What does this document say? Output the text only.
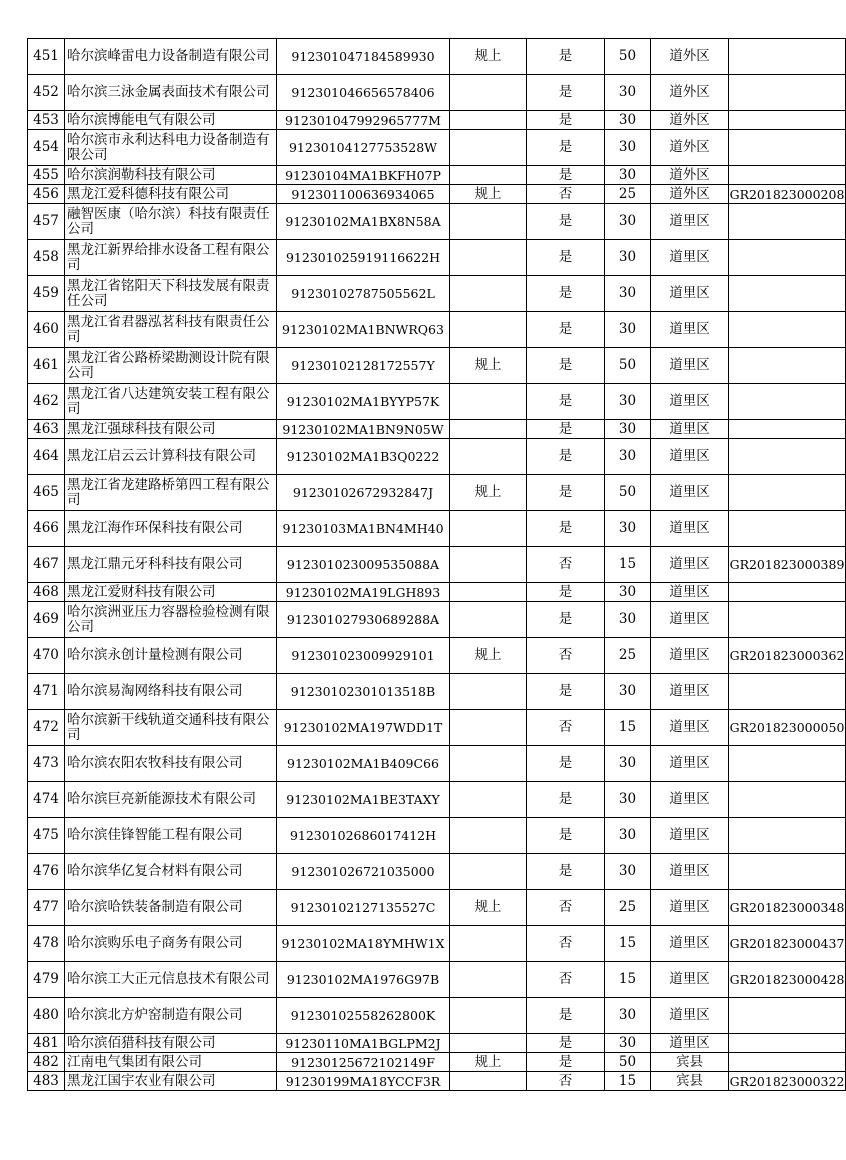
451	哈尔滨峰雷电力设备制造有限公司	912301047184589930	规上	是	50	道外区	
452	哈尔滨三泳金属表面技术有限公司	912301046656578406		是	30	道外区	
453	哈尔滨博能电气有限公司	912301047992965777M		是	30	道外区	
454	哈尔滨市永利达科电力设备制造有限公司	91230104127753528W		是	30	道外区	
455	哈尔滨润勒科技有限公司	91230104MA1BKFH07P		是	30	道外区	
456	黑龙江爱科德科技有限公司	912301100636934065	规上	否	25	道外区	GR201823000208
457	融智医康（哈尔滨）科技有限责任公司	91230102MA1BX8N58A		是	30	道里区	
458	黑龙江新界给排水设备工程有限公司	912301025919116622H		是	30	道里区	
459	黑龙江省铭阳天下科技发展有限责任公司	91230102787505562L		是	30	道里区	
460	黑龙江省君器泓茗科技有限责任公司	91230102MA1BNWRQ63		是	30	道里区	
461	黑龙江省公路桥梁勘测设计院有限公司	91230102128172557Y	规上	是	50	道里区	
462	黑龙江省八达建筑安装工程有限公司	91230102MA1BYYP57K		是	30	道里区	
463	黑龙江强球科技有限公司	91230102MA1BN9N05W		是	30	道里区	
464	黑龙江启云云计算科技有限公司	91230102MA1B3Q0222		是	30	道里区	
465	黑龙江省龙建路桥第四工程有限公司	91230102672932847J	规上	是	50	道里区	
466	黑龙江海作环保科技有限公司	91230103MA1BN4MH40		是	30	道里区	
467	黑龙江鼎元牙科科技有限公司	912301023009535088A		否	15	道里区	GR201823000389
468	黑龙江爱财科技有限公司	91230102MA19LGH893		是	30	道里区	
469	哈尔滨洲亚压力容器检验检测有限公司	912301027930689288A		是	30	道里区	
470	哈尔滨永创计量检测有限公司	912301023009929101	规上	否	25	道里区	GR201823000362
471	哈尔滨易淘网络科技有限公司	91230102301013518B		是	30	道里区	
472	哈尔滨新干线轨道交通科技有限公司	91230102MA197WDD1T		否	15	道里区	GR201823000050
473	哈尔滨农阳农牧科技有限公司	91230102MA1B409C66		是	30	道里区	
474	哈尔滨巨亮新能源技术有限公司	91230102MA1BE3TAXY		是	30	道里区	
475	哈尔滨佳锋智能工程有限公司	91230102686017412H		是	30	道里区	
476	哈尔滨华亿复合材料有限公司	912301026721035000		是	30	道里区	
477	哈尔滨哈铁装备制造有限公司	91230102127135527C	规上	否	25	道里区	GR201823000348
478	哈尔滨购乐电子商务有限公司	91230102MA18YMHW1X		否	15	道里区	GR201823000437
479	哈尔滨工大正元信息技术有限公司	91230102MA1976G97B		否	15	道里区	GR201823000428
480	哈尔滨北方炉窑制造有限公司	91230102558262800K		是	30	道里区	
481	哈尔滨佰猎科技有限公司	91230110MA1BGLPM2J		是	30	道里区	
482	江南电气集团有限公司	91230125672102149F	规上	是	50	宾县	
483	黑龙江国宇农业有限公司	91230199MA18YCCF3R		否	15	宾县	GR201823000322
